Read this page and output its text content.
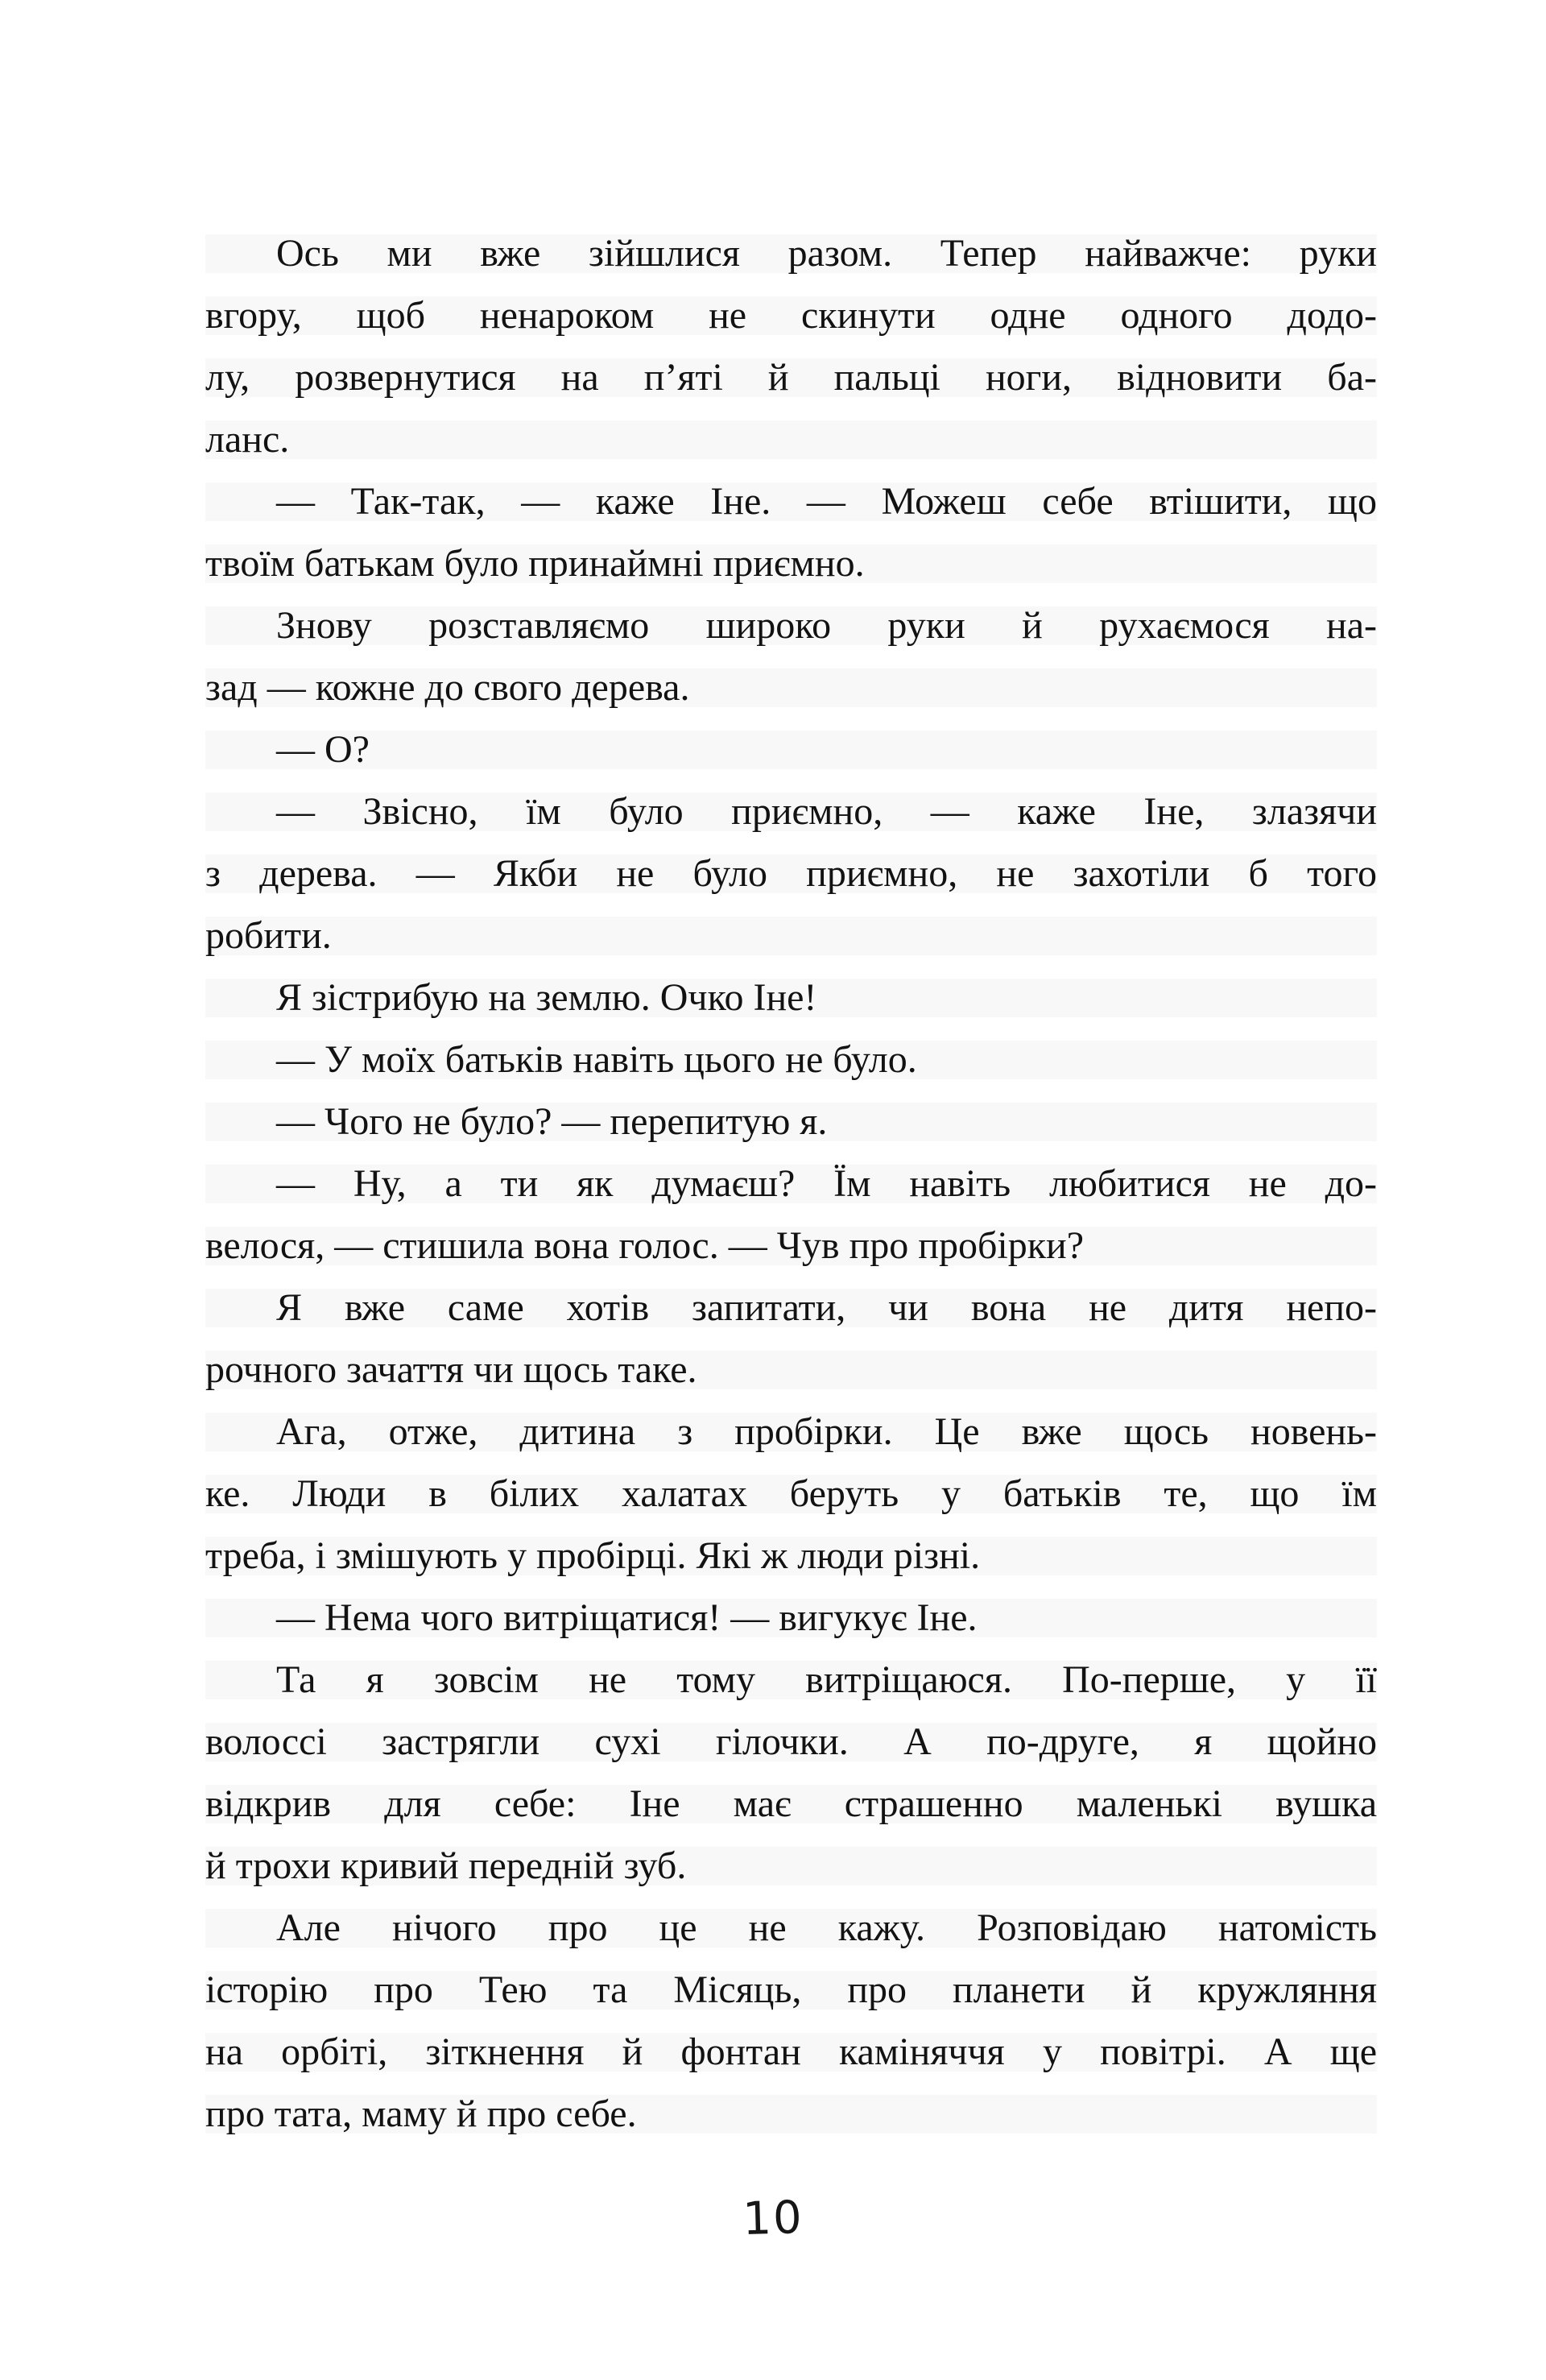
Ось ми вже зійшлися разом. Тепер найважче: руки
вгору, щоб ненароком не скинути одне одного додо-
лу, розвернутися на п’яті й пальці ноги, відновити ба-
ланс.
— Так-так, — каже Іне. — Можеш себе втішити, що
твоїм батькам було принаймні приємно.
Знову розставляємо широко руки й рухаємося на-
зад — кожне до свого дерева.
— О?
— Звісно, їм було приємно, — каже Іне, злазячи
з дерева. — Якби не було приємно, не захотіли б того
робити.
Я зістрибую на землю. Очко Іне!
— У моїх батьків навіть цього не було.
— Чого не було? — перепитую я.
— Ну, а ти як думаєш? Їм навіть любитися не до-
велося, — стишила вона голос. — Чув про пробірки?
Я вже саме хотів запитати, чи вона не дитя непо-
рочного зачаття чи щось таке.
Ага, отже, дитина з пробірки. Це вже щось новень-
ке. Люди в білих халатах беруть у батьків те, що їм
треба, і змішують у пробірці. Які ж люди різні.
— Нема чого витріщатися! — вигукує Іне.
Та я зовсім не тому витріщаюся. По-перше, у її
волоссі застрягли сухі гілочки. А по-друге, я щойно
відкрив для себе: Іне має страшенно маленькі вушка
й трохи кривий передній зуб.
Але нічого про це не кажу. Розповідаю натомість
історію про Тею та Місяць, про планети й кружляння
на орбіті, зіткнення й фонтан каміняччя у повітрі. А ще
про тата, маму й про себе.
10
